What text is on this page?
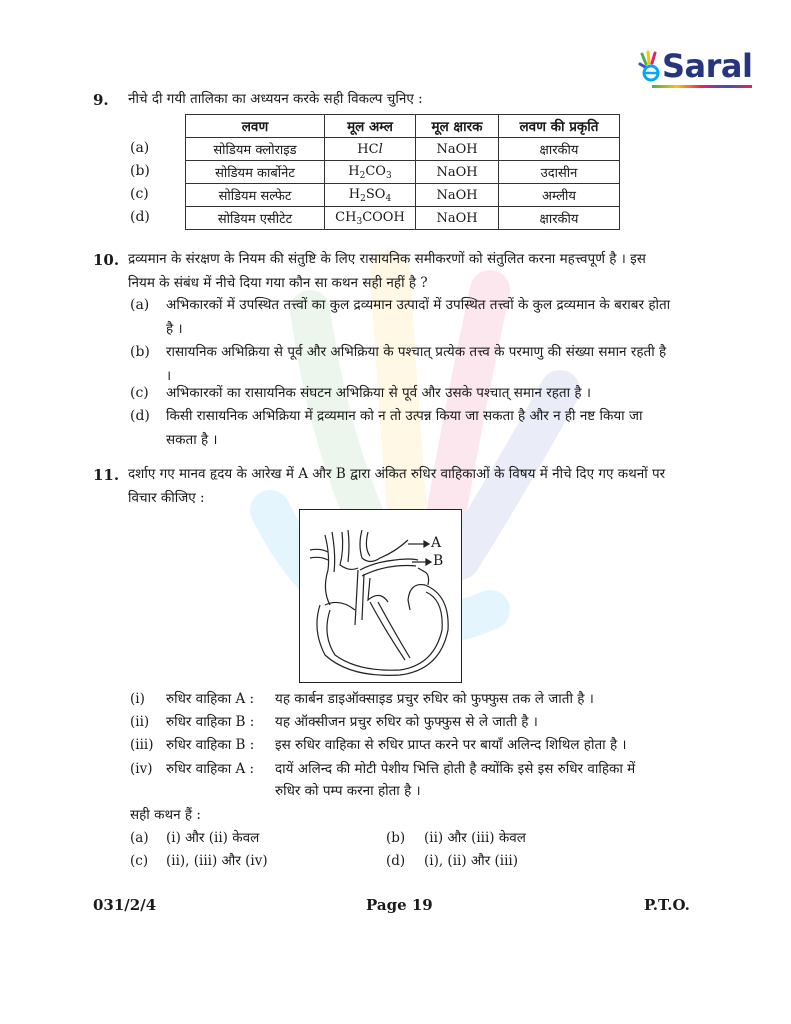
Saral
9. नीचे दी गयी तालिका का अध्ययन करके सही विकल्प चुनिए :
लवण	मूल अम्ल	मूल क्षारक	लवण की प्रकृति
सोडियम क्लोराइड	HCl	NaOH	क्षारकीय
सोडियम कार्बोनेट	$H_2CO_3$	NaOH	उदासीन
सोडियम सल्फेट	$H_2SO_4$	NaOH	अम्लीय
सोडियम एसीटेट	$CH_3COOH$	NaOH	क्षारकीय
(a)
(b)
(c)
(d)
10. द्रव्यमान के संरक्षण के नियम की संतुष्टि के लिए रासायनिक समीकरणों को संतुलित करना महत्त्वपूर्ण है । इस नियम के संबंध में नीचे दिया गया कौन सा कथन सही नहीं है ?
(a) अभिकारकों में उपस्थित तत्त्वों का कुल द्रव्यमान उत्पादों में उपस्थित तत्त्वों के कुल द्रव्यमान के बराबर होता है ।
(b) रासायनिक अभिक्रिया से पूर्व और अभिक्रिया के पश्चात् प्रत्येक तत्त्व के परमाणु की संख्या समान रहती है ।
(c) अभिकारकों का रासायनिक संघटन अभिक्रिया से पूर्व और उसके पश्चात् समान रहता है ।
(d) किसी रासायनिक अभिक्रिया में द्रव्यमान को न तो उत्पन्न किया जा सकता है और न ही नष्ट किया जा सकता है ।
11. दर्शाए गए मानव हृदय के आरेख में A और B द्वारा अंकित रुधिर वाहिकाओं के विषय में नीचे दिए गए कथनों पर विचार कीजिए :
A
B
(i) रुधिर वाहिका A : यह कार्बन डाइऑक्साइड प्रचुर रुधिर को फुफ्फुस तक ले जाती है ।
(ii) रुधिर वाहिका B : यह ऑक्सीजन प्रचुर रुधिर को फुफ्फुस से ले जाती है ।
(iii) रुधिर वाहिका B : इस रुधिर वाहिका से रुधिर प्राप्त करने पर बायाँ अलिन्द शिथिल होता है ।
(iv) रुधिर वाहिका A : दायें अलिन्द की मोटी पेशीय भित्ति होती है क्योंकि इसे इस रुधिर वाहिका में
रुधिर को पम्प करना होता है ।
सही कथन हैं :
(a) (i) और (ii) केवल	(b) (ii) और (iii) केवल
(c) (ii), (iii) और (iv)	(d) (i), (ii) और (iii)
031/2/4	Page 19	P.T.O.
